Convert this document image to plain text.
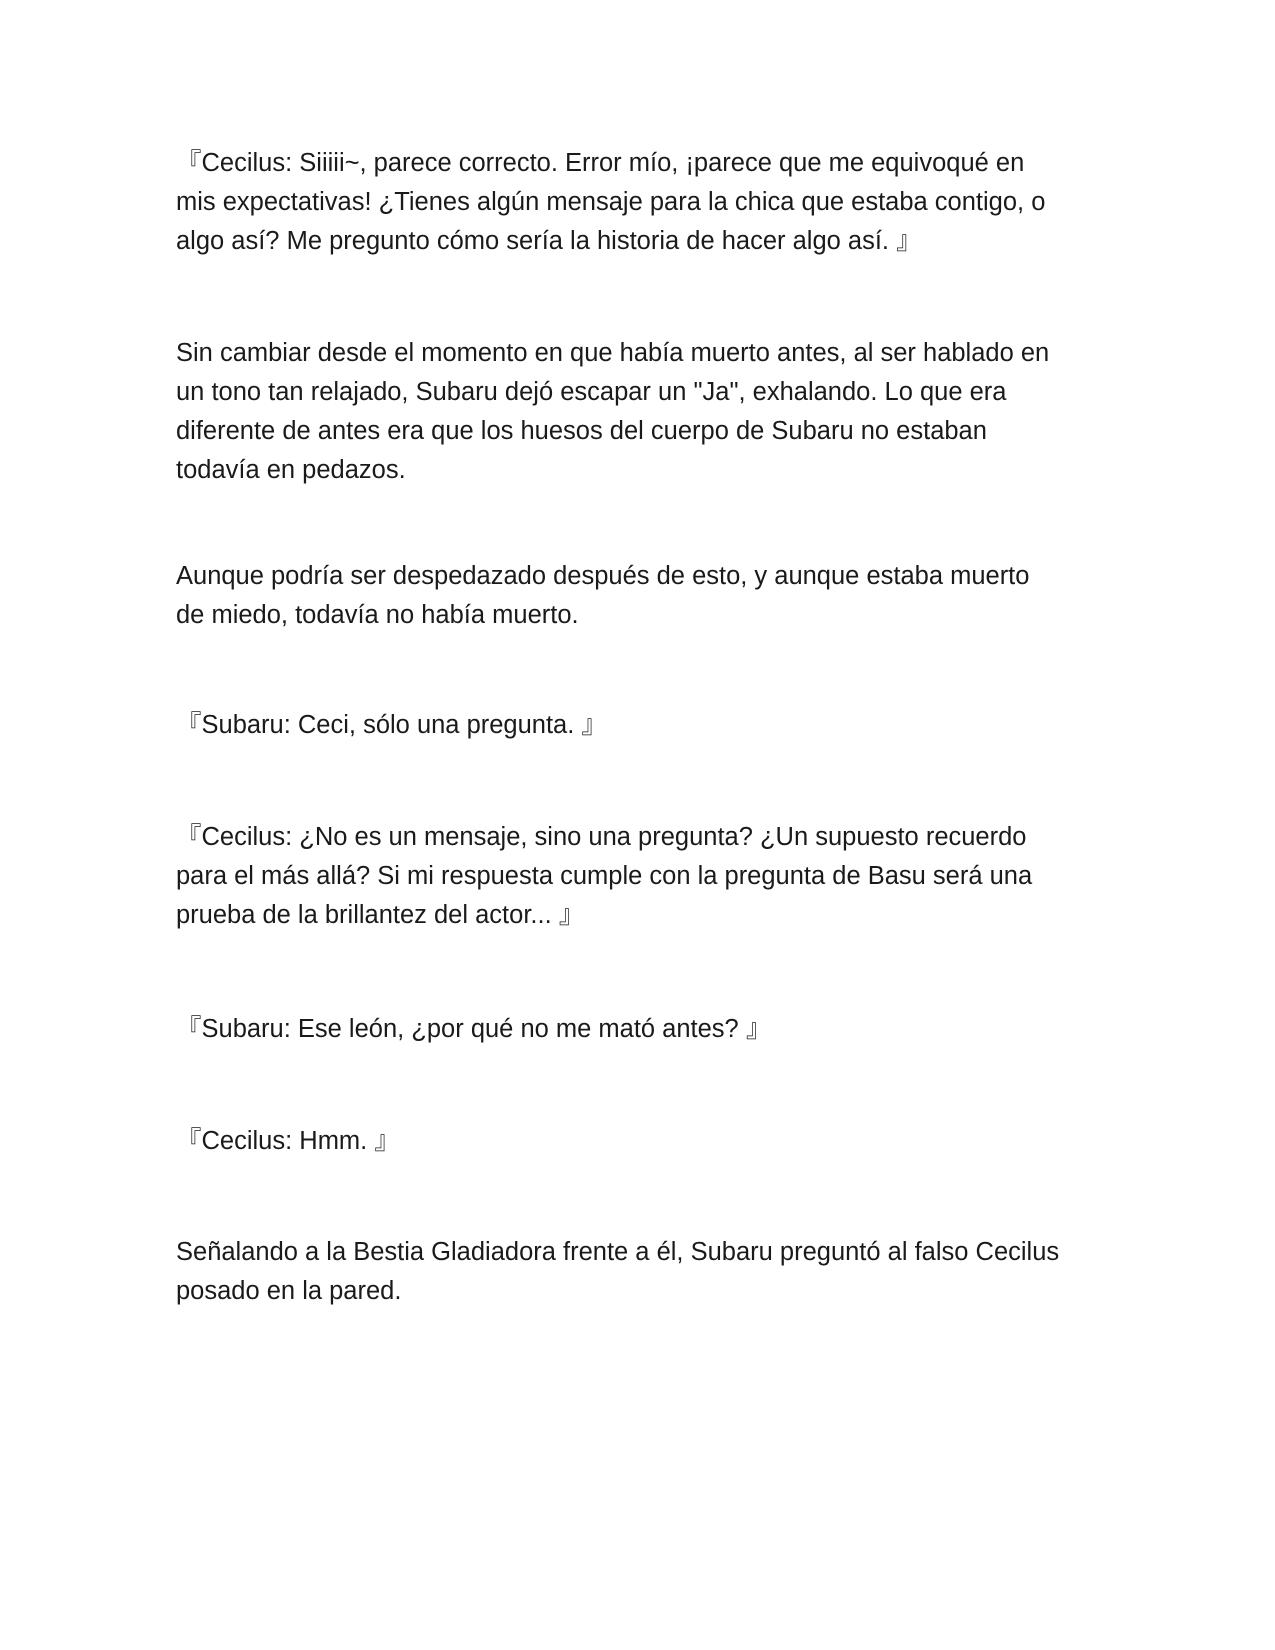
『Cecilus: Siiiii~, parece correcto. Error mío, ¡parece que me equivoqué en
mis expectativas! ¿Tienes algún mensaje para la chica que estaba contigo, o
algo así? Me pregunto cómo sería la historia de hacer algo así. 』

Sin cambiar desde el momento en que había muerto antes, al ser hablado en
un tono tan relajado, Subaru dejó escapar un "Ja", exhalando. Lo que era
diferente de antes era que los huesos del cuerpo de Subaru no estaban
todavía en pedazos.

Aunque podría ser despedazado después de esto, y aunque estaba muerto
de miedo, todavía no había muerto.

『Subaru: Ceci, sólo una pregunta. 』

『Cecilus: ¿No es un mensaje, sino una pregunta? ¿Un supuesto recuerdo
para el más allá? Si mi respuesta cumple con la pregunta de Basu será una
prueba de la brillantez del actor... 』

『Subaru: Ese león, ¿por qué no me mató antes? 』

『Cecilus: Hmm. 』

Señalando a la Bestia Gladiadora frente a él, Subaru preguntó al falso Cecilus
posado en la pared.
